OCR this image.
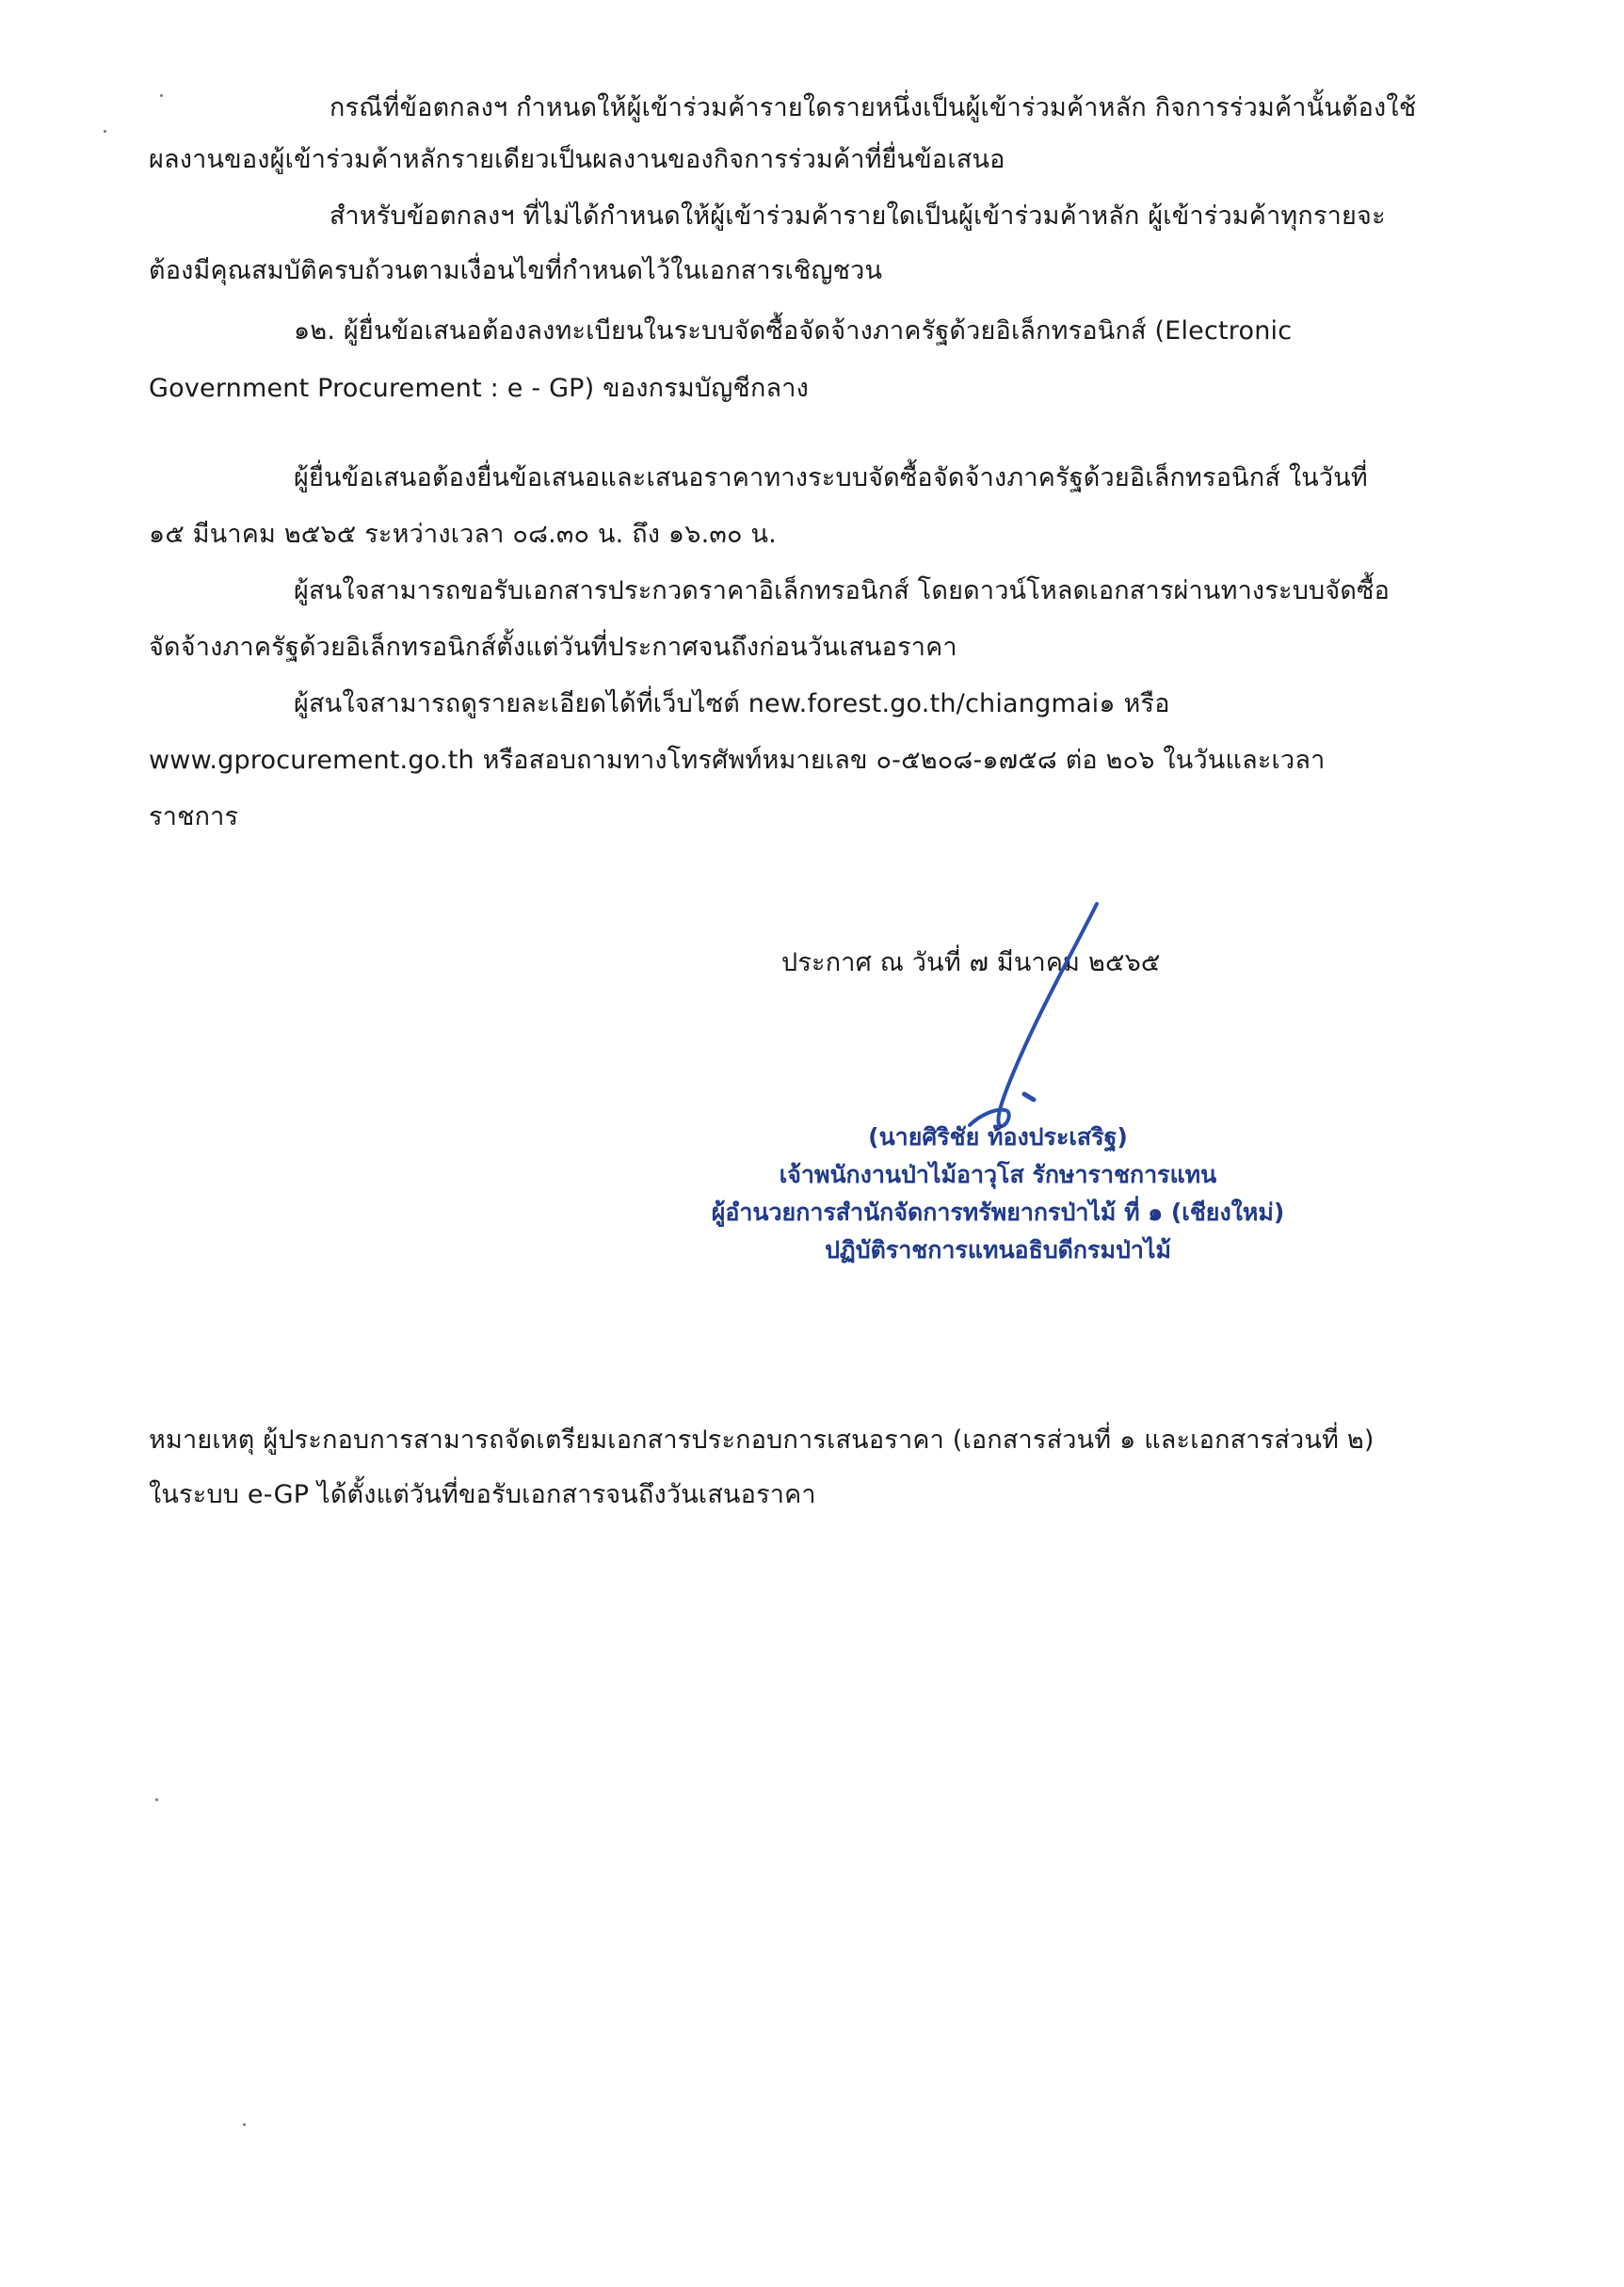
กรณีที่ข้อตกลงฯ กำหนดให้ผู้เข้าร่วมค้ารายใดรายหนึ่งเป็นผู้เข้าร่วมค้าหลัก กิจการร่วมค้านั้นต้องใช้
ผลงานของผู้เข้าร่วมค้าหลักรายเดียวเป็นผลงานของกิจการร่วมค้าที่ยื่นข้อเสนอ
สำหรับข้อตกลงฯ ที่ไม่ได้กำหนดให้ผู้เข้าร่วมค้ารายใดเป็นผู้เข้าร่วมค้าหลัก ผู้เข้าร่วมค้าทุกรายจะ
ต้องมีคุณสมบัติครบถ้วนตามเงื่อนไขที่กำหนดไว้ในเอกสารเชิญชวน
๑๒. ผู้ยื่นข้อเสนอต้องลงทะเบียนในระบบจัดซื้อจัดจ้างภาครัฐด้วยอิเล็กทรอนิกส์ (Electronic
Government Procurement : e - GP) ของกรมบัญชีกลาง
ผู้ยื่นข้อเสนอต้องยื่นข้อเสนอและเสนอราคาทางระบบจัดซื้อจัดจ้างภาครัฐด้วยอิเล็กทรอนิกส์ ในวันที่
๑๕ มีนาคม ๒๕๖๕ ระหว่างเวลา ๐๘.๓๐ น. ถึง ๑๖.๓๐ น.
ผู้สนใจสามารถขอรับเอกสารประกวดราคาอิเล็กทรอนิกส์ โดยดาวน์โหลดเอกสารผ่านทางระบบจัดซื้อ
จัดจ้างภาครัฐด้วยอิเล็กทรอนิกส์ตั้งแต่วันที่ประกาศจนถึงก่อนวันเสนอราคา
ผู้สนใจสามารถดูรายละเอียดได้ที่เว็บไซต์ new.forest.go.th/chiangmai๑ หรือ
www.gprocurement.go.th หรือสอบถามทางโทรศัพท์หมายเลข ๐-๕๒๐๘-๑๗๕๘ ต่อ ๒๐๖ ในวันและเวลา
ราชการ
ประกาศ ณ วันที่ ๗ มีนาคม ๒๕๖๕
(นายศิริชัย ท้องประเสริฐ)
เจ้าพนักงานป่าไม้อาวุโส รักษาราชการแทน
ผู้อำนวยการสำนักจัดการทรัพยากรป่าไม้ ที่ ๑ (เชียงใหม่)
ปฏิบัติราชการแทนอธิบดีกรมป่าไม้
หมายเหตุ ผู้ประกอบการสามารถจัดเตรียมเอกสารประกอบการเสนอราคา (เอกสารส่วนที่ ๑ และเอกสารส่วนที่ ๒)
ในระบบ e-GP ได้ตั้งแต่วันที่ขอรับเอกสารจนถึงวันเสนอราคา
